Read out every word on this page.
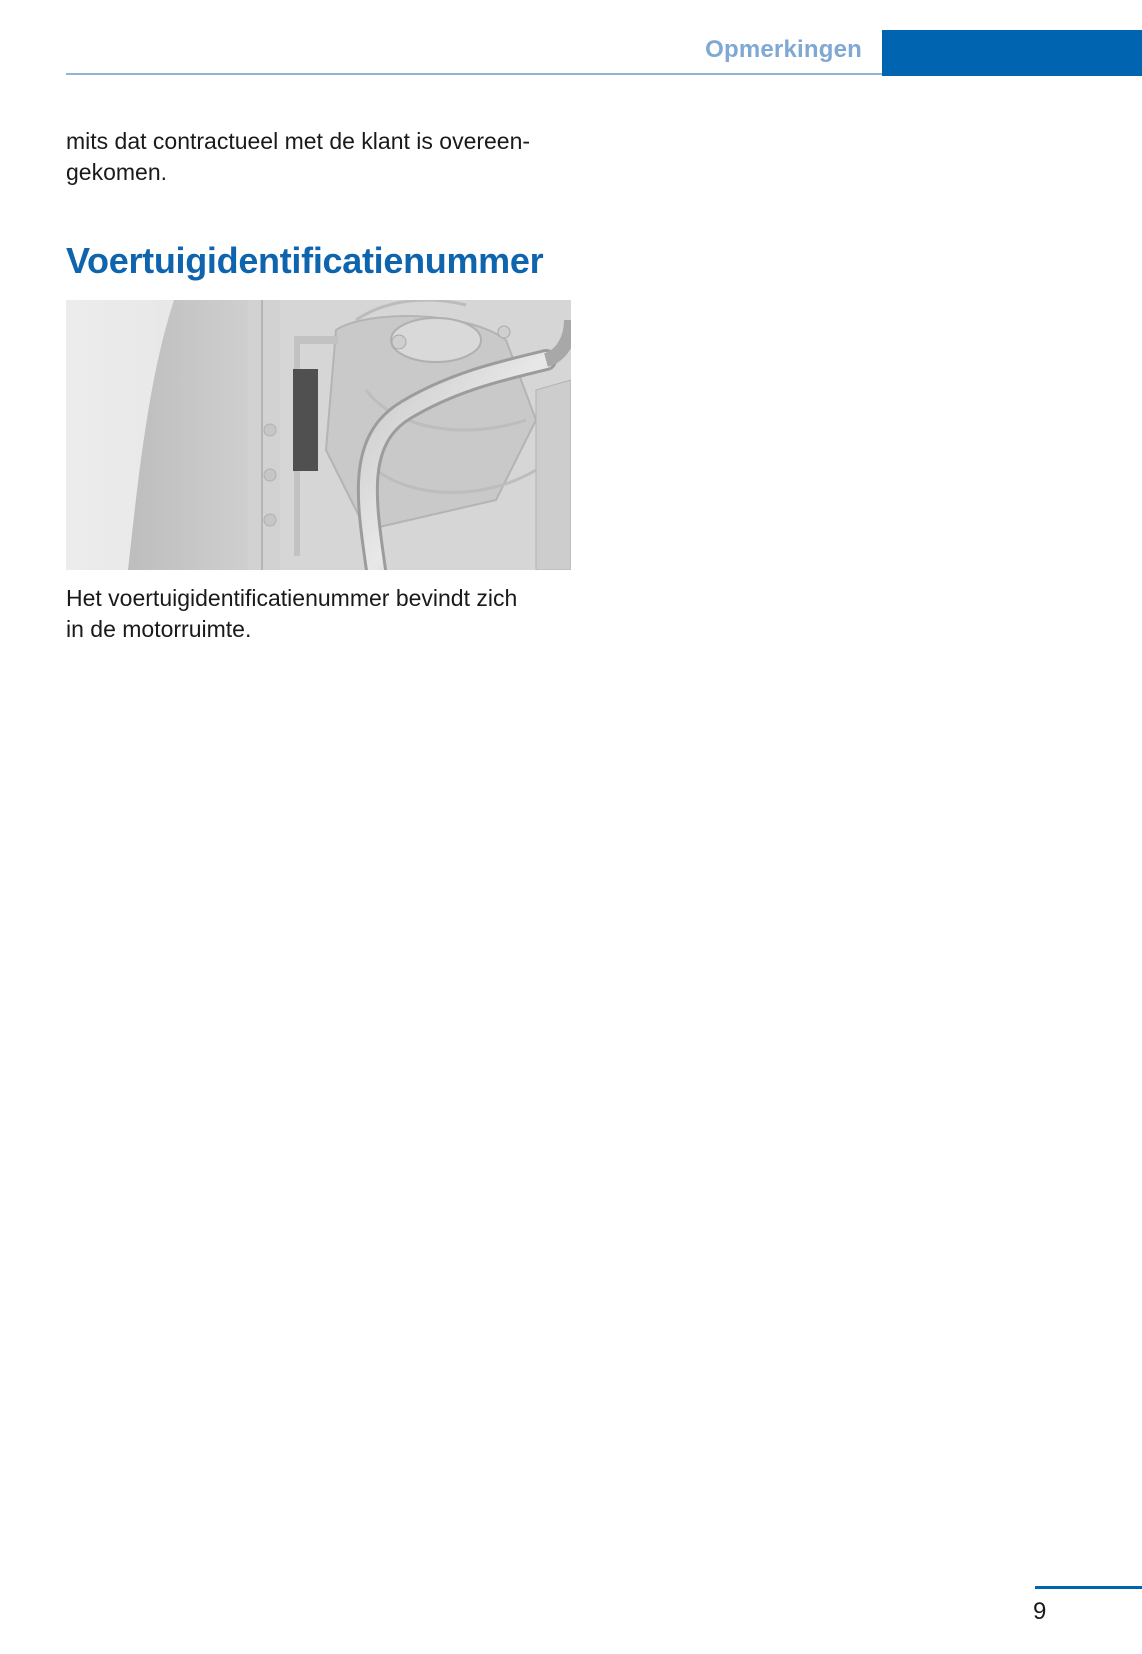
Opmerkingen
mits dat contractueel met de klant is overeen-
gekomen.
Voertuigidentificatienummer
Het voertuigidentificatienummer bevindt zich
in de motorruimte.
9
